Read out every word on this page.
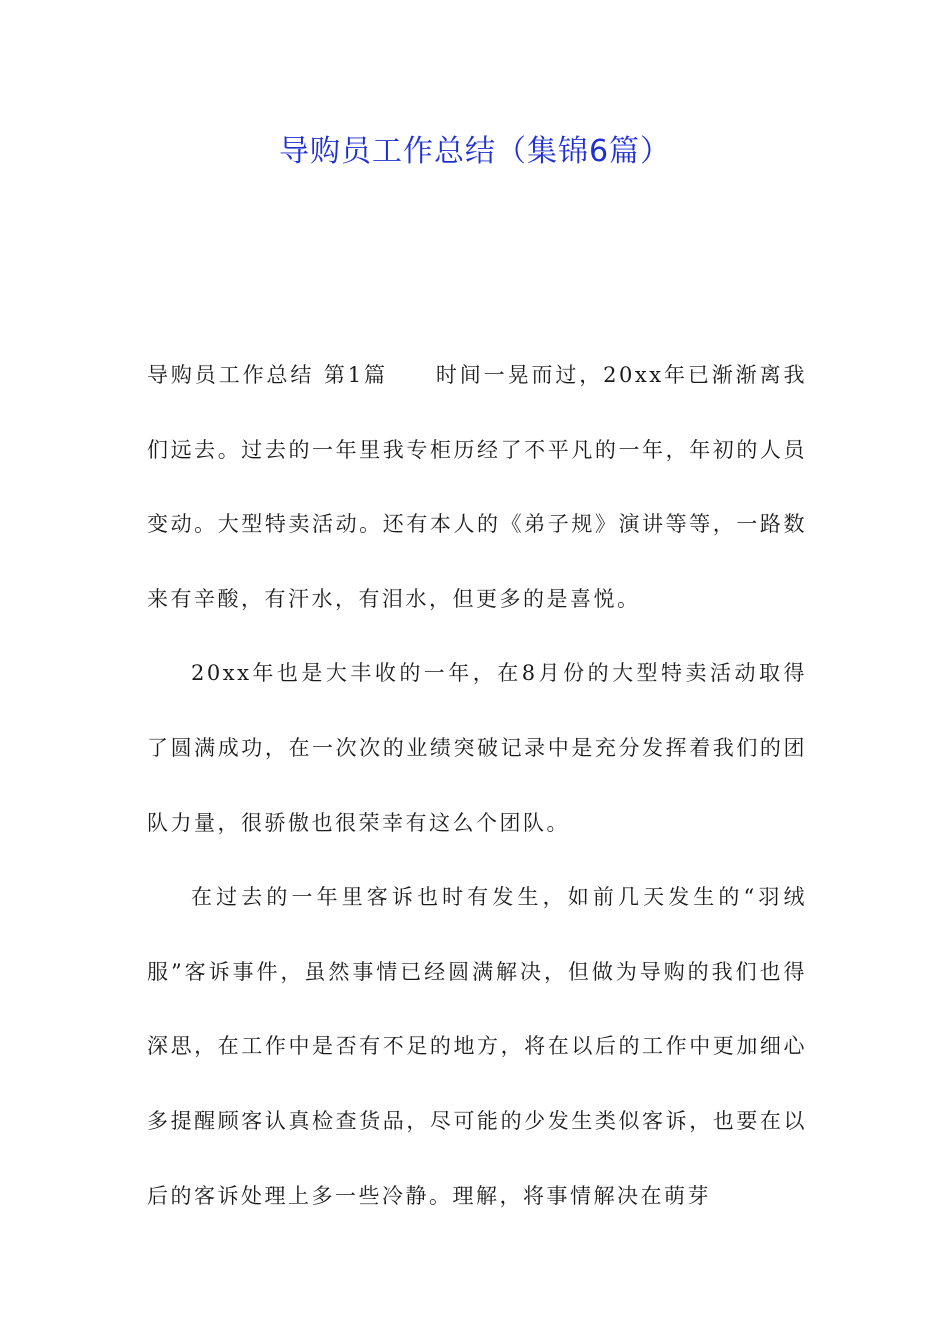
导购员工作总结（集锦6篇）

导购员工作总结 第1篇 时间一晃而过，20xx年已渐渐离我们远去。过去的一年里我专柜历经了不平凡的一年，年初的人员变动。大型特卖活动。还有本人的《弟子规》演讲等等，一路数来有辛酸，有汗水，有泪水，但更多的是喜悦。

20xx年也是大丰收的一年，在8月份的大型特卖活动取得了圆满成功，在一次次的业绩突破记录中是充分发挥着我们的团队力量，很骄傲也很荣幸有这么个团队。

在过去的一年里客诉也时有发生，如前几天发生的“羽绒服”客诉事件，虽然事情已经圆满解决，但做为导购的我们也得深思，在工作中是否有不足的地方，将在以后的工作中更加细心多提醒顾客认真检查货品，尽可能的少发生类似客诉，也要在以后的客诉处理上多一些冷静。理解，将事情解决在萌芽
